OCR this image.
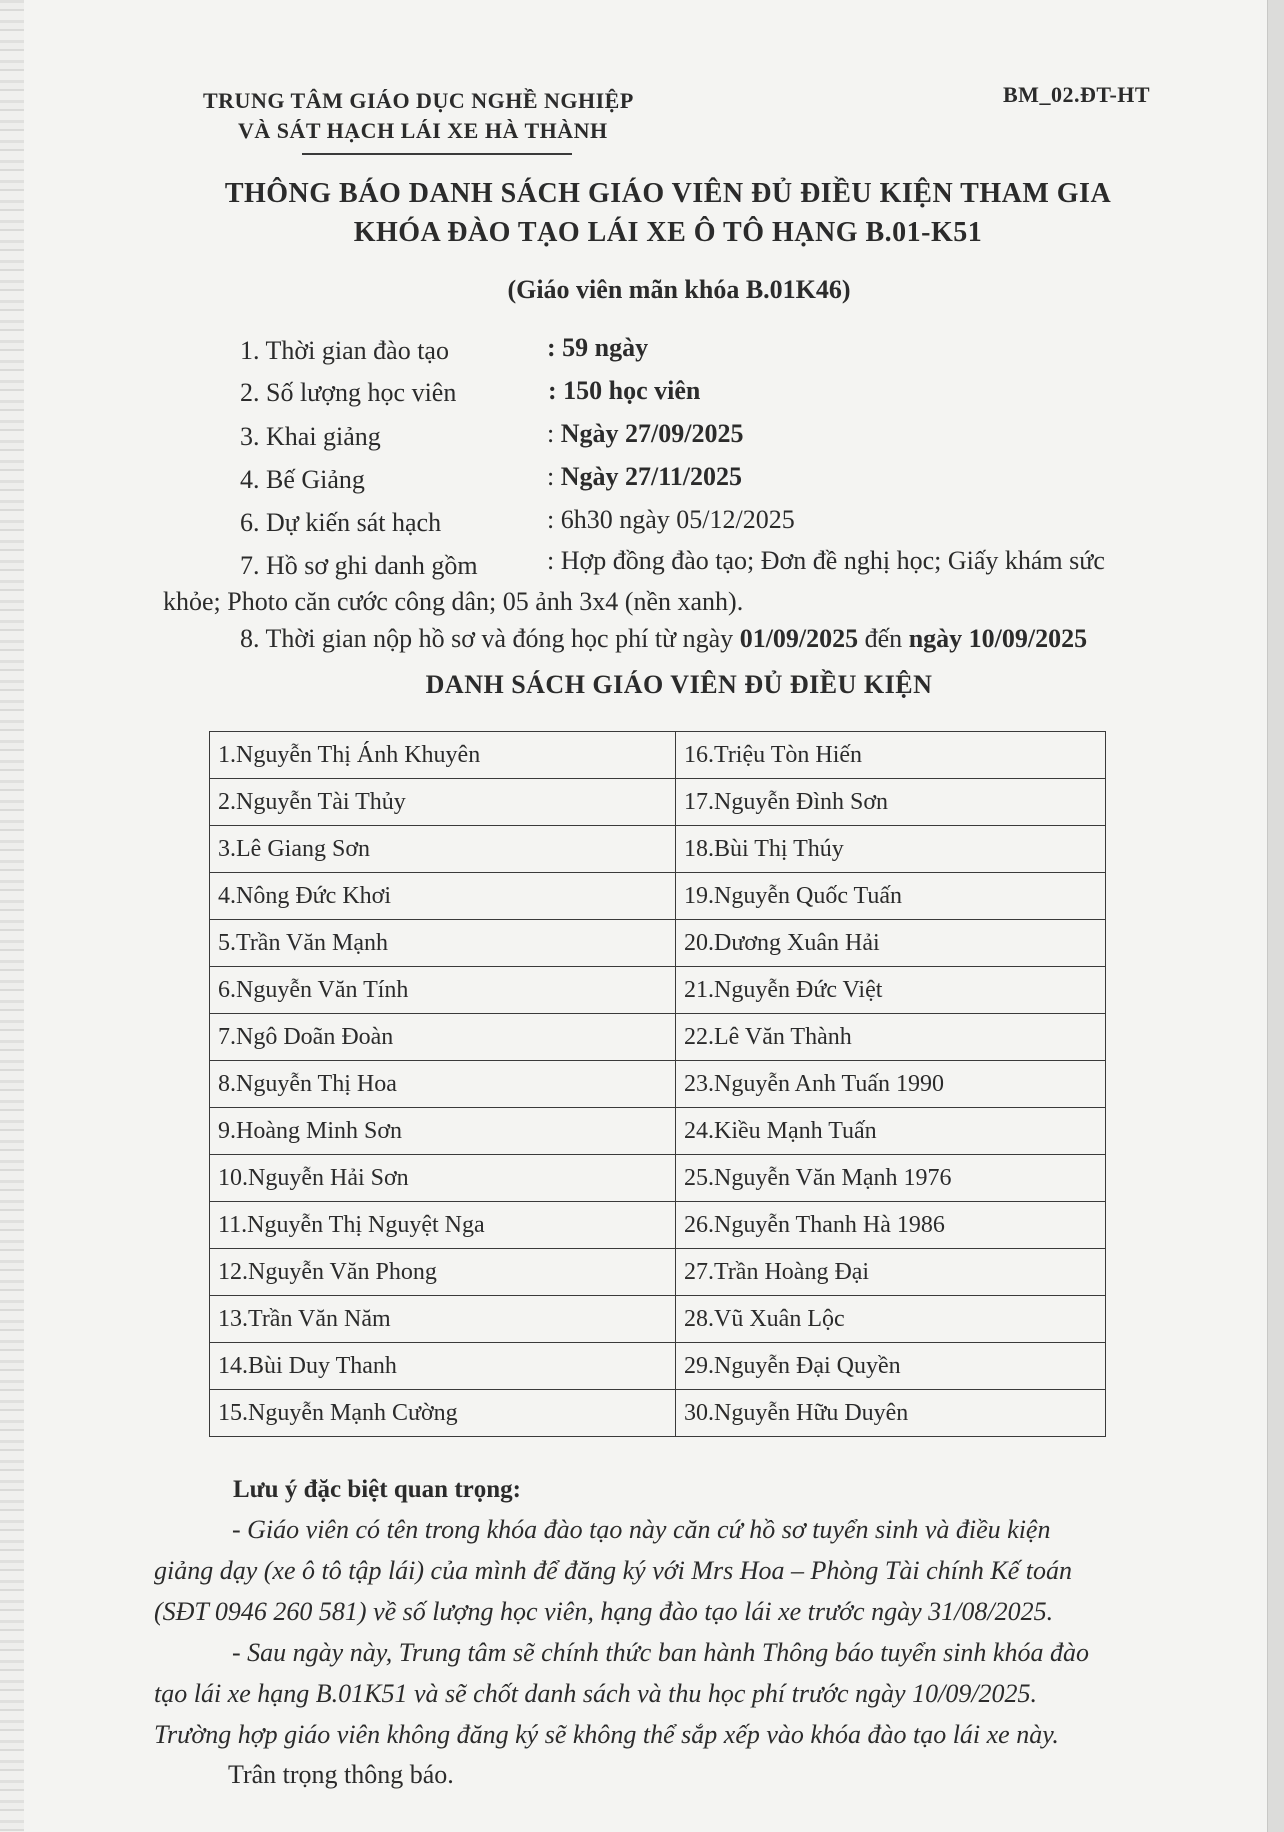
TRUNG TÂM GIÁO DỤC NGHỀ NGHIỆP
VÀ SÁT HẠCH LÁI XE HÀ THÀNH
BM_02.ĐT-HT
THÔNG BÁO DANH SÁCH GIÁO VIÊN ĐỦ ĐIỀU KIỆN THAM GIA
KHÓA ĐÀO TẠO LÁI XE Ô TÔ HẠNG B.01-K51
(Giáo viên mãn khóa B.01K46)
1. Thời gian đào tạo	: 59 ngày
2. Số lượng học viên	: 150 học viên
3. Khai giảng	: Ngày 27/09/2025
4. Bế Giảng	: Ngày 27/11/2025
6. Dự kiến sát hạch	: 6h30 ngày 05/12/2025
7. Hồ sơ ghi danh gồm	: Hợp đồng đào tạo; Đơn đề nghị học; Giấy khám sức
khỏe; Photo căn cước công dân; 05 ảnh 3x4 (nền xanh).
8. Thời gian nộp hồ sơ và đóng học phí từ ngày 01/09/2025 đến ngày 10/09/2025
DANH SÁCH GIÁO VIÊN ĐỦ ĐIỀU KIỆN
1.Nguyễn Thị Ánh Khuyên	16.Triệu Tòn Hiến
2.Nguyễn Tài Thủy	17.Nguyễn Đình Sơn
3.Lê Giang Sơn	18.Bùi Thị Thúy
4.Nông Đức Khơi	19.Nguyễn Quốc Tuấn
5.Trần Văn Mạnh	20.Dương Xuân Hải
6.Nguyễn Văn Tính	21.Nguyễn Đức Việt
7.Ngô Doãn Đoàn	22.Lê Văn Thành
8.Nguyễn Thị Hoa	23.Nguyễn Anh Tuấn 1990
9.Hoàng Minh Sơn	24.Kiều Mạnh Tuấn
10.Nguyễn Hải Sơn	25.Nguyễn Văn Mạnh 1976
11.Nguyễn Thị Nguyệt Nga	26.Nguyễn Thanh Hà 1986
12.Nguyễn Văn Phong	27.Trần Hoàng Đại
13.Trần Văn Năm	28.Vũ Xuân Lộc
14.Bùi Duy Thanh	29.Nguyễn Đại Quyền
15.Nguyễn Mạnh Cường	30.Nguyễn Hữu Duyên
Lưu ý đặc biệt quan trọng:
- Giáo viên có tên trong khóa đào tạo này căn cứ hồ sơ tuyển sinh và điều kiện
giảng dạy (xe ô tô tập lái) của mình để đăng ký với Mrs Hoa – Phòng Tài chính Kế toán
(SĐT 0946 260 581) về số lượng học viên, hạng đào tạo lái xe trước ngày 31/08/2025.
- Sau ngày này, Trung tâm sẽ chính thức ban hành Thông báo tuyển sinh khóa đào
tạo lái xe hạng B.01K51 và sẽ chốt danh sách và thu học phí trước ngày 10/09/2025.
Trường hợp giáo viên không đăng ký sẽ không thể sắp xếp vào khóa đào tạo lái xe này.
Trân trọng thông báo.
